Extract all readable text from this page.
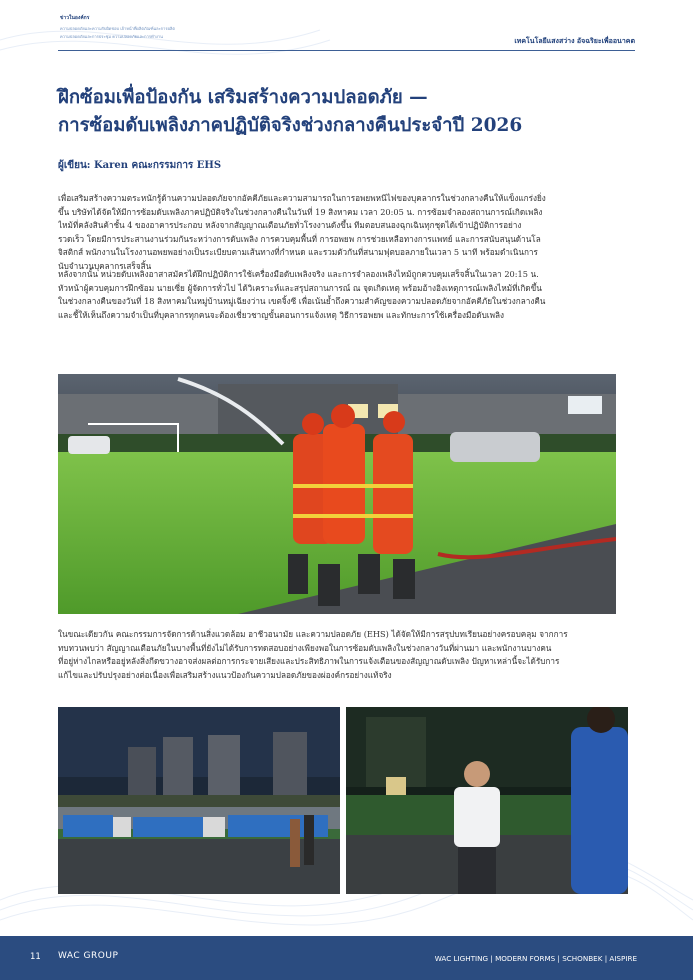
ข่าวในองค์กร
ความปลอดภัยและความรับผิดชอบ เจ้าหน้าที่ผลิตภัณฑ์และการผลิต
ความปลอดภัยและการประชุม ความปลอดภัยและการทำงาน
เทคโนโลยีแสงสว่าง อัจฉริยะเพื่ออนาคต
ฝึกซ้อมเพื่อป้องกัน เสริมสร้างความปลอดภัย —
การซ้อมดับเพลิงภาคปฏิบัติจริงช่วงกลางคืนประจำปี 2026
ผู้เขียน: Karen คณะกรรมการ EHS
เพื่อเสริมสร้างความตระหนักรู้ด้านความปลอดภัยจากอัคคีภัยและความสามารถในการอพยพหนีไฟของบุคลากรในช่วงกลางคืนให้แข็งแกร่งยิ่ง
ขึ้น บริษัทได้จัดให้มีการซ้อมดับเพลิงภาคปฏิบัติจริงในช่วงกลางคืนในวันที่ 19 สิงหาคม เวลา 20:05 น. การซ้อมจำลองสถานการณ์เกิดเพลิง
ไหม้ที่คลังสินค้าชั้น 4 ของอาคารประกอบ หลังจากสัญญาณเตือนภัยทั่วโรงงานดังขึ้น ทีมตอบสนองฉุกเฉินทุกชุดได้เข้าปฏิบัติการอย่าง
รวดเร็ว โดยมีการประสานงานร่วมกันระหว่างการดับเพลิง การควบคุมพื้นที่ การอพยพ การช่วยเหลือทางการแพทย์ และการสนับสนุนด้านโล
จิสติกส์ พนักงานในโรงงานอพยพอย่างเป็นระเบียบตามเส้นทางที่กำหนด และรวมตัวกันที่สนามฟุตบอลภายในเวลา 5 นาที พร้อมดำเนินการ
นับจำนวนบุคลากรเสร็จสิ้น
หลังจากนั้น หน่วยดับเพลิงอาสาสมัครได้ฝึกปฏิบัติการใช้เครื่องมือดับเพลิงจริง และการจำลองเพลิงไหม้ถูกควบคุมเสร็จสิ้นในเวลา 20:15 น.
หัวหน้าผู้ควบคุมการฝึกซ้อม นายเซี่ย ผู้จัดการทั่วไป ได้วิเคราะห์และสรุปสถานการณ์ ณ จุดเกิดเหตุ พร้อมอ้างอิงเหตุการณ์เพลิงไหม้ที่เกิดขึ้น
ในช่วงกลางคืนของวันที่ 18 สิงหาคมในหมู่บ้านหมู่เฉียงว่าน เขตจิ้งซี เพื่อเน้นย้ำถึงความสำคัญของความปลอดภัยจากอัคคีภัยในช่วงกลางคืน
และชี้ให้เห็นถึงความจำเป็นที่บุคลากรทุกคนจะต้องเชี่ยวชาญขั้นตอนการแจ้งเหตุ วิธีการอพยพ และทักษะการใช้เครื่องมือดับเพลิง
ในขณะเดียวกัน คณะกรรมการจัดการด้านสิ่งแวดล้อม อาชีวอนามัย และความปลอดภัย (EHS) ได้จัดให้มีการสรุปบทเรียนอย่างครอบคลุม จากการ
ทบทวนพบว่า สัญญาณเตือนภัยในบางพื้นที่ยังไม่ได้รับการทดสอบอย่างเพียงพอในการซ้อมดับเพลิงในช่วงกลางวันที่ผ่านมา และพนักงานบางคน
ที่อยู่ห่างไกลหรืออยู่หลังสิ่งกีดขวางอาจส่งผลต่อการกระจายเสียงและประสิทธิภาพในการแจ้งเตือนของสัญญาณดับเพลิง ปัญหาเหล่านี้จะได้รับการ
แก้ไขและปรับปรุงอย่างต่อเนื่องเพื่อเสริมสร้างแนวป้องกันความปลอดภัยของผ่องค์กรอย่างแท้จริง
11 WAC GROUP	WAC LIGHTING | MODERN FORMS | SCHONBEK | AISPIRE
